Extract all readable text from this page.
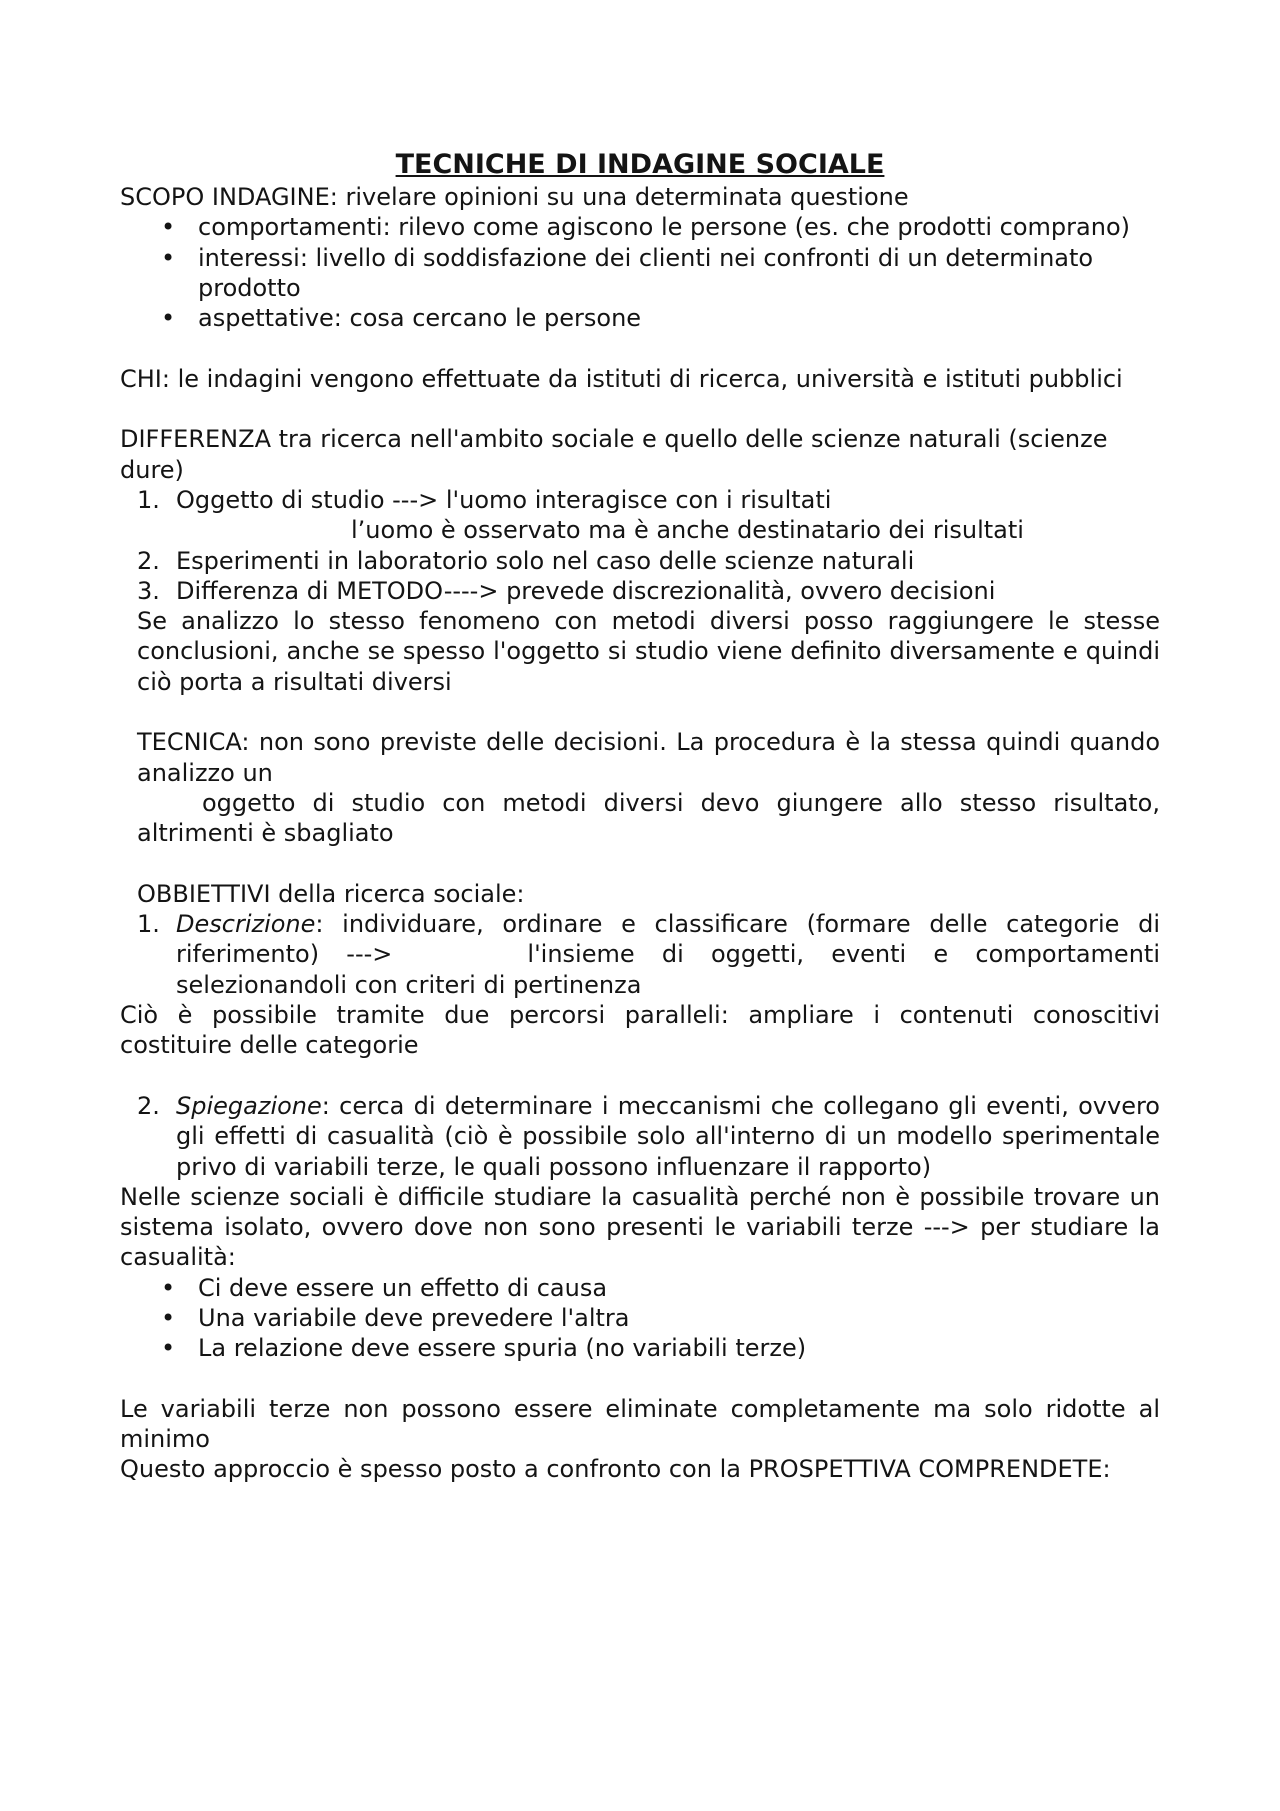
TECNICHE DI INDAGINE SOCIALE

SCOPO INDAGINE: rivelare opinioni su una determinata questione

• comportamenti: rilevo come agiscono le persone (es. che prodotti comprano)
• interessi: livello di soddisfazione dei clienti nei confronti di un determinato prodotto
• aspettative: cosa cercano le persone

CHI: le indagini vengono effettuate da istituti di ricerca, università e istituti pubblici

DIFFERENZA tra ricerca nell'ambito sociale e quello delle scienze naturali (scienze dure)

1. Oggetto di studio ---> l'uomo interagisce con i risultati
l’uomo è osservato ma è anche destinatario dei risultati
2. Esperimenti in laboratorio solo nel caso delle scienze naturali
3. Differenza di METODO----> prevede discrezionalità, ovvero decisioni

Se analizzo lo stesso fenomeno con metodi diversi posso raggiungere le stesse conclusioni, anche se spesso l'oggetto si studio viene definito diversamente e quindi ciò porta a risultati diversi

TECNICA: non sono previste delle decisioni. La procedura è la stessa quindi quando analizzo un

oggetto di studio con metodi diversi devo giungere allo stesso risultato, altrimenti è sbagliato

OBBIETTIVI della ricerca sociale:

1. Descrizione: individuare, ordinare e classificare (formare delle categorie di riferimento) --->	l'insieme di oggetti, eventi e comportamenti selezionandoli con criteri di pertinenza

Ciò è possibile tramite due percorsi paralleli: ampliare i contenuti conoscitivi costituire delle categorie

2. Spiegazione: cerca di determinare i meccanismi che collegano gli eventi, ovvero gli effetti di casualità (ciò è possibile solo all'interno di un modello sperimentale privo di variabili terze, le quali possono influenzare il rapporto)

Nelle scienze sociali è difficile studiare la casualità perché non è possibile trovare un sistema isolato, ovvero dove non sono presenti le variabili terze ---> per studiare la casualità:

• Ci deve essere un effetto di causa
• Una variabile deve prevedere l'altra
• La relazione deve essere spuria (no variabili terze)

Le variabili terze non possono essere eliminate completamente ma solo ridotte al minimo

Questo approccio è spesso posto a confronto con la PROSPETTIVA COMPRENDETE:
